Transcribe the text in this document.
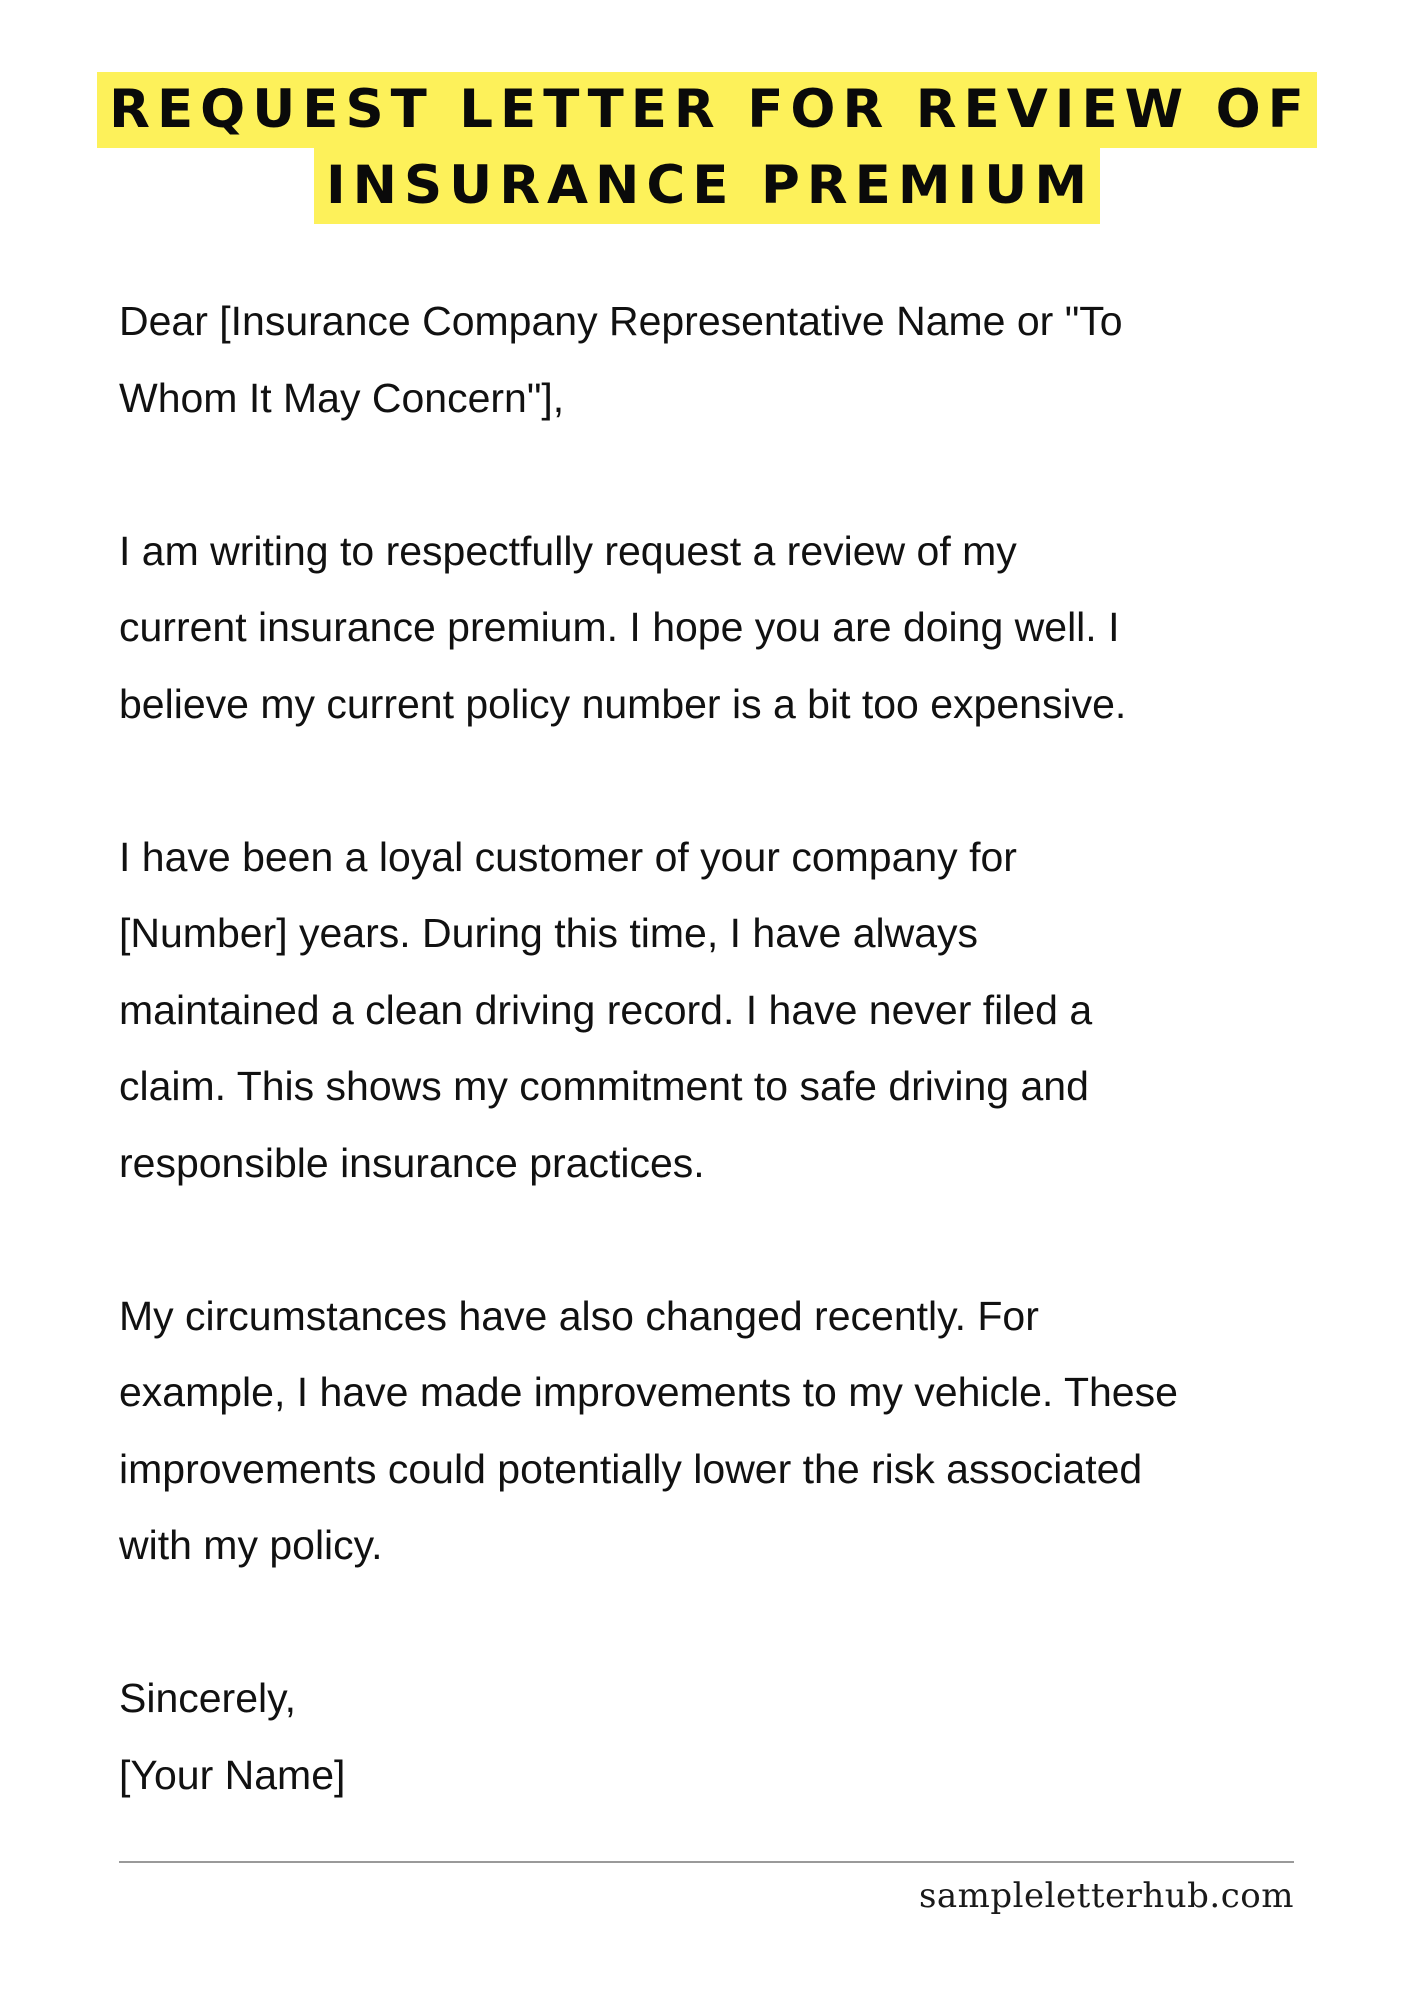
REQUEST LETTER FOR REVIEW OF
INSURANCE PREMIUM
Dear [Insurance Company Representative Name or "To
Whom It May Concern"],
I am writing to respectfully request a review of my
current insurance premium. I hope you are doing well. I
believe my current policy number is a bit too expensive.
I have been a loyal customer of your company for
[Number] years. During this time, I have always
maintained a clean driving record. I have never filed a
claim. This shows my commitment to safe driving and
responsible insurance practices.
My circumstances have also changed recently. For
example, I have made improvements to my vehicle. These
improvements could potentially lower the risk associated
with my policy.
Sincerely,
[Your Name]
sampleletterhub.com
